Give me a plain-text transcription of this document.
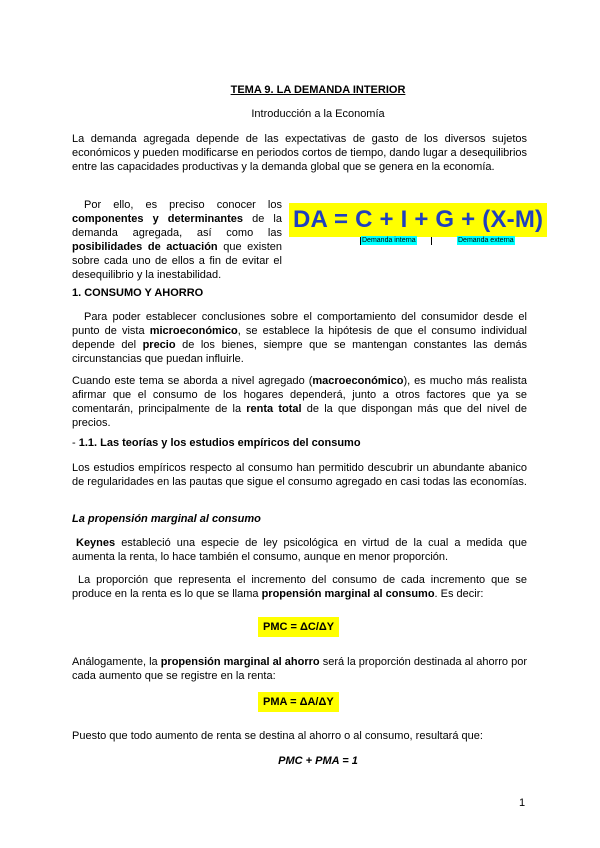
TEMA 9. LA DEMANDA INTERIOR
Introducción a la Economía

La demanda agregada depende de las expectativas de gasto de los diversos sujetos económicos y pueden modificarse en periodos cortos de tiempo, dando lugar a desequilibrios entre las capacidades productivas y la demanda global que se genera en la economía.

Por ello, es preciso conocer los componentes y determinantes de la demanda agregada, así como las posibilidades de actuación que existen sobre cada uno de ellos a fin de evitar el desequilibrio y la inestabilidad.

DA = C + I + G + (X-M)
Demanda interna	Demanda externa
1. CONSUMO Y AHORRO

Para poder establecer conclusiones sobre el comportamiento del consumidor desde el punto de vista microeconómico, se establece la hipótesis de que el consumo individual depende del precio de los bienes, siempre que se mantengan constantes las demás circunstancias que puedan influirle.

Cuando este tema se aborda a nivel agregado (macroeconómico), es mucho más realista afirmar que el consumo de los hogares dependerá, junto a otros factores que ya se comentarán, principalmente de la renta total de la que dispongan más que del nivel de precios.

- 1.1. Las teorías y los estudios empíricos del consumo

Los estudios empíricos respecto al consumo han permitido descubrir un abundante abanico de regularidades en las pautas que sigue el consumo agregado en casi todas las economías.

La propensión marginal al consumo

Keynes estableció una especie de ley psicológica en virtud de la cual a medida que aumenta la renta, lo hace también el consumo, aunque en menor proporción.

La proporción que representa el incremento del consumo de cada incremento que se produce en la renta es lo que se llama propensión marginal al consumo. Es decir:

PMC = ΔC/ΔY

Análogamente, la propensión marginal al ahorro será la proporción destinada al ahorro por cada aumento que se registre en la renta:

PMA = ΔA/ΔY

Puesto que todo aumento de renta se destina al ahorro o al consumo, resultará que:

PMC + PMA = 1
1
